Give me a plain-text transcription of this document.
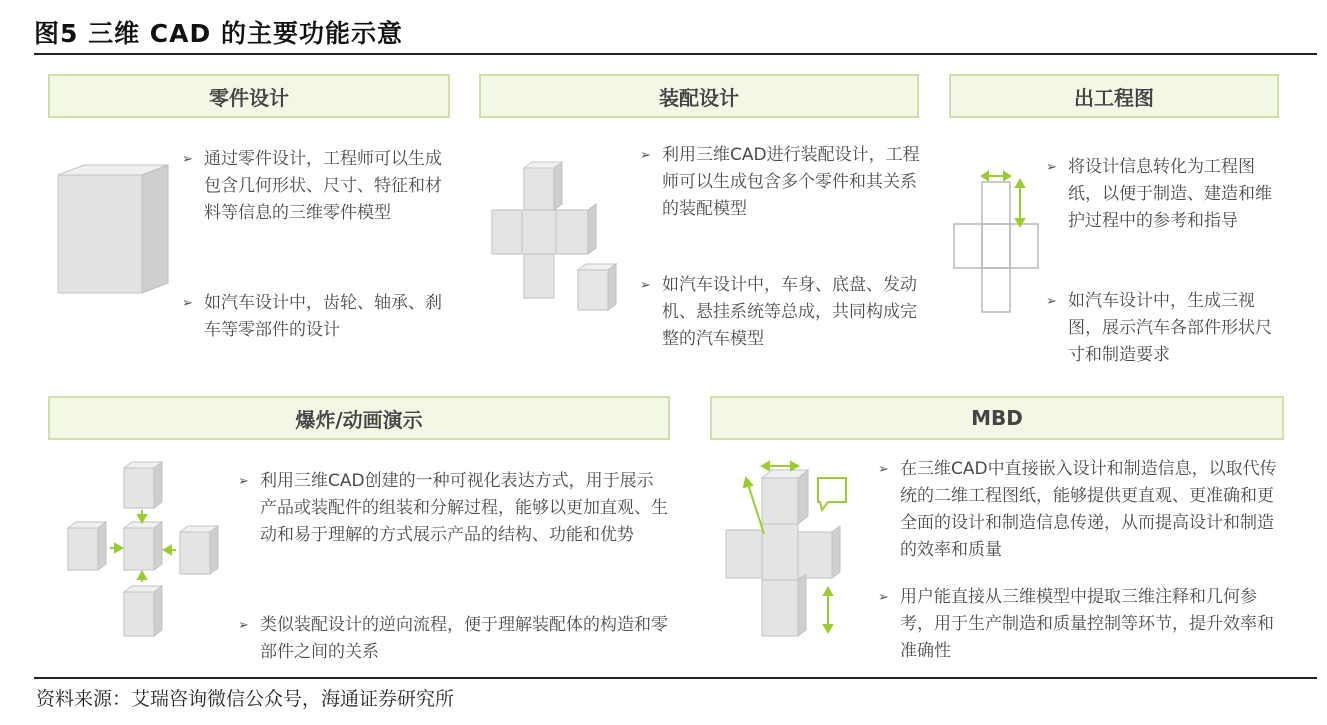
图5 三维 CAD 的主要功能示意
零件设计
➢ 通过零件设计，工程师可以生成包含几何形状、尺寸、特征和材料等信息的三维零件模型
➢ 如汽车设计中，齿轮、轴承、刹车等零部件的设计
装配设计
➢ 利用三维CAD进行装配设计，工程师可以生成包含多个零件和其关系的装配模型
➢ 如汽车设计中，车身、底盘、发动机、悬挂系统等总成，共同构成完整的汽车模型
出工程图
➢ 将设计信息转化为工程图纸，以便于制造、建造和维护过程中的参考和指导
➢ 如汽车设计中，生成三视图，展示汽车各部件形状尺寸和制造要求
爆炸/动画演示
➢ 利用三维CAD创建的一种可视化表达方式，用于展示产品或装配件的组装和分解过程，能够以更加直观、生动和易于理解的方式展示产品的结构、功能和优势
➢ 类似装配设计的逆向流程，便于理解装配体的构造和零部件之间的关系
MBD
➢ 在三维CAD中直接嵌入设计和制造信息，以取代传统的二维工程图纸，能够提供更直观、更准确和更全面的设计和制造信息传递，从而提高设计和制造的效率和质量
➢ 用户能直接从三维模型中提取三维注释和几何参考，用于生产制造和质量控制等环节，提升效率和准确性
资料来源：艾瑞咨询微信公众号，海通证券研究所
